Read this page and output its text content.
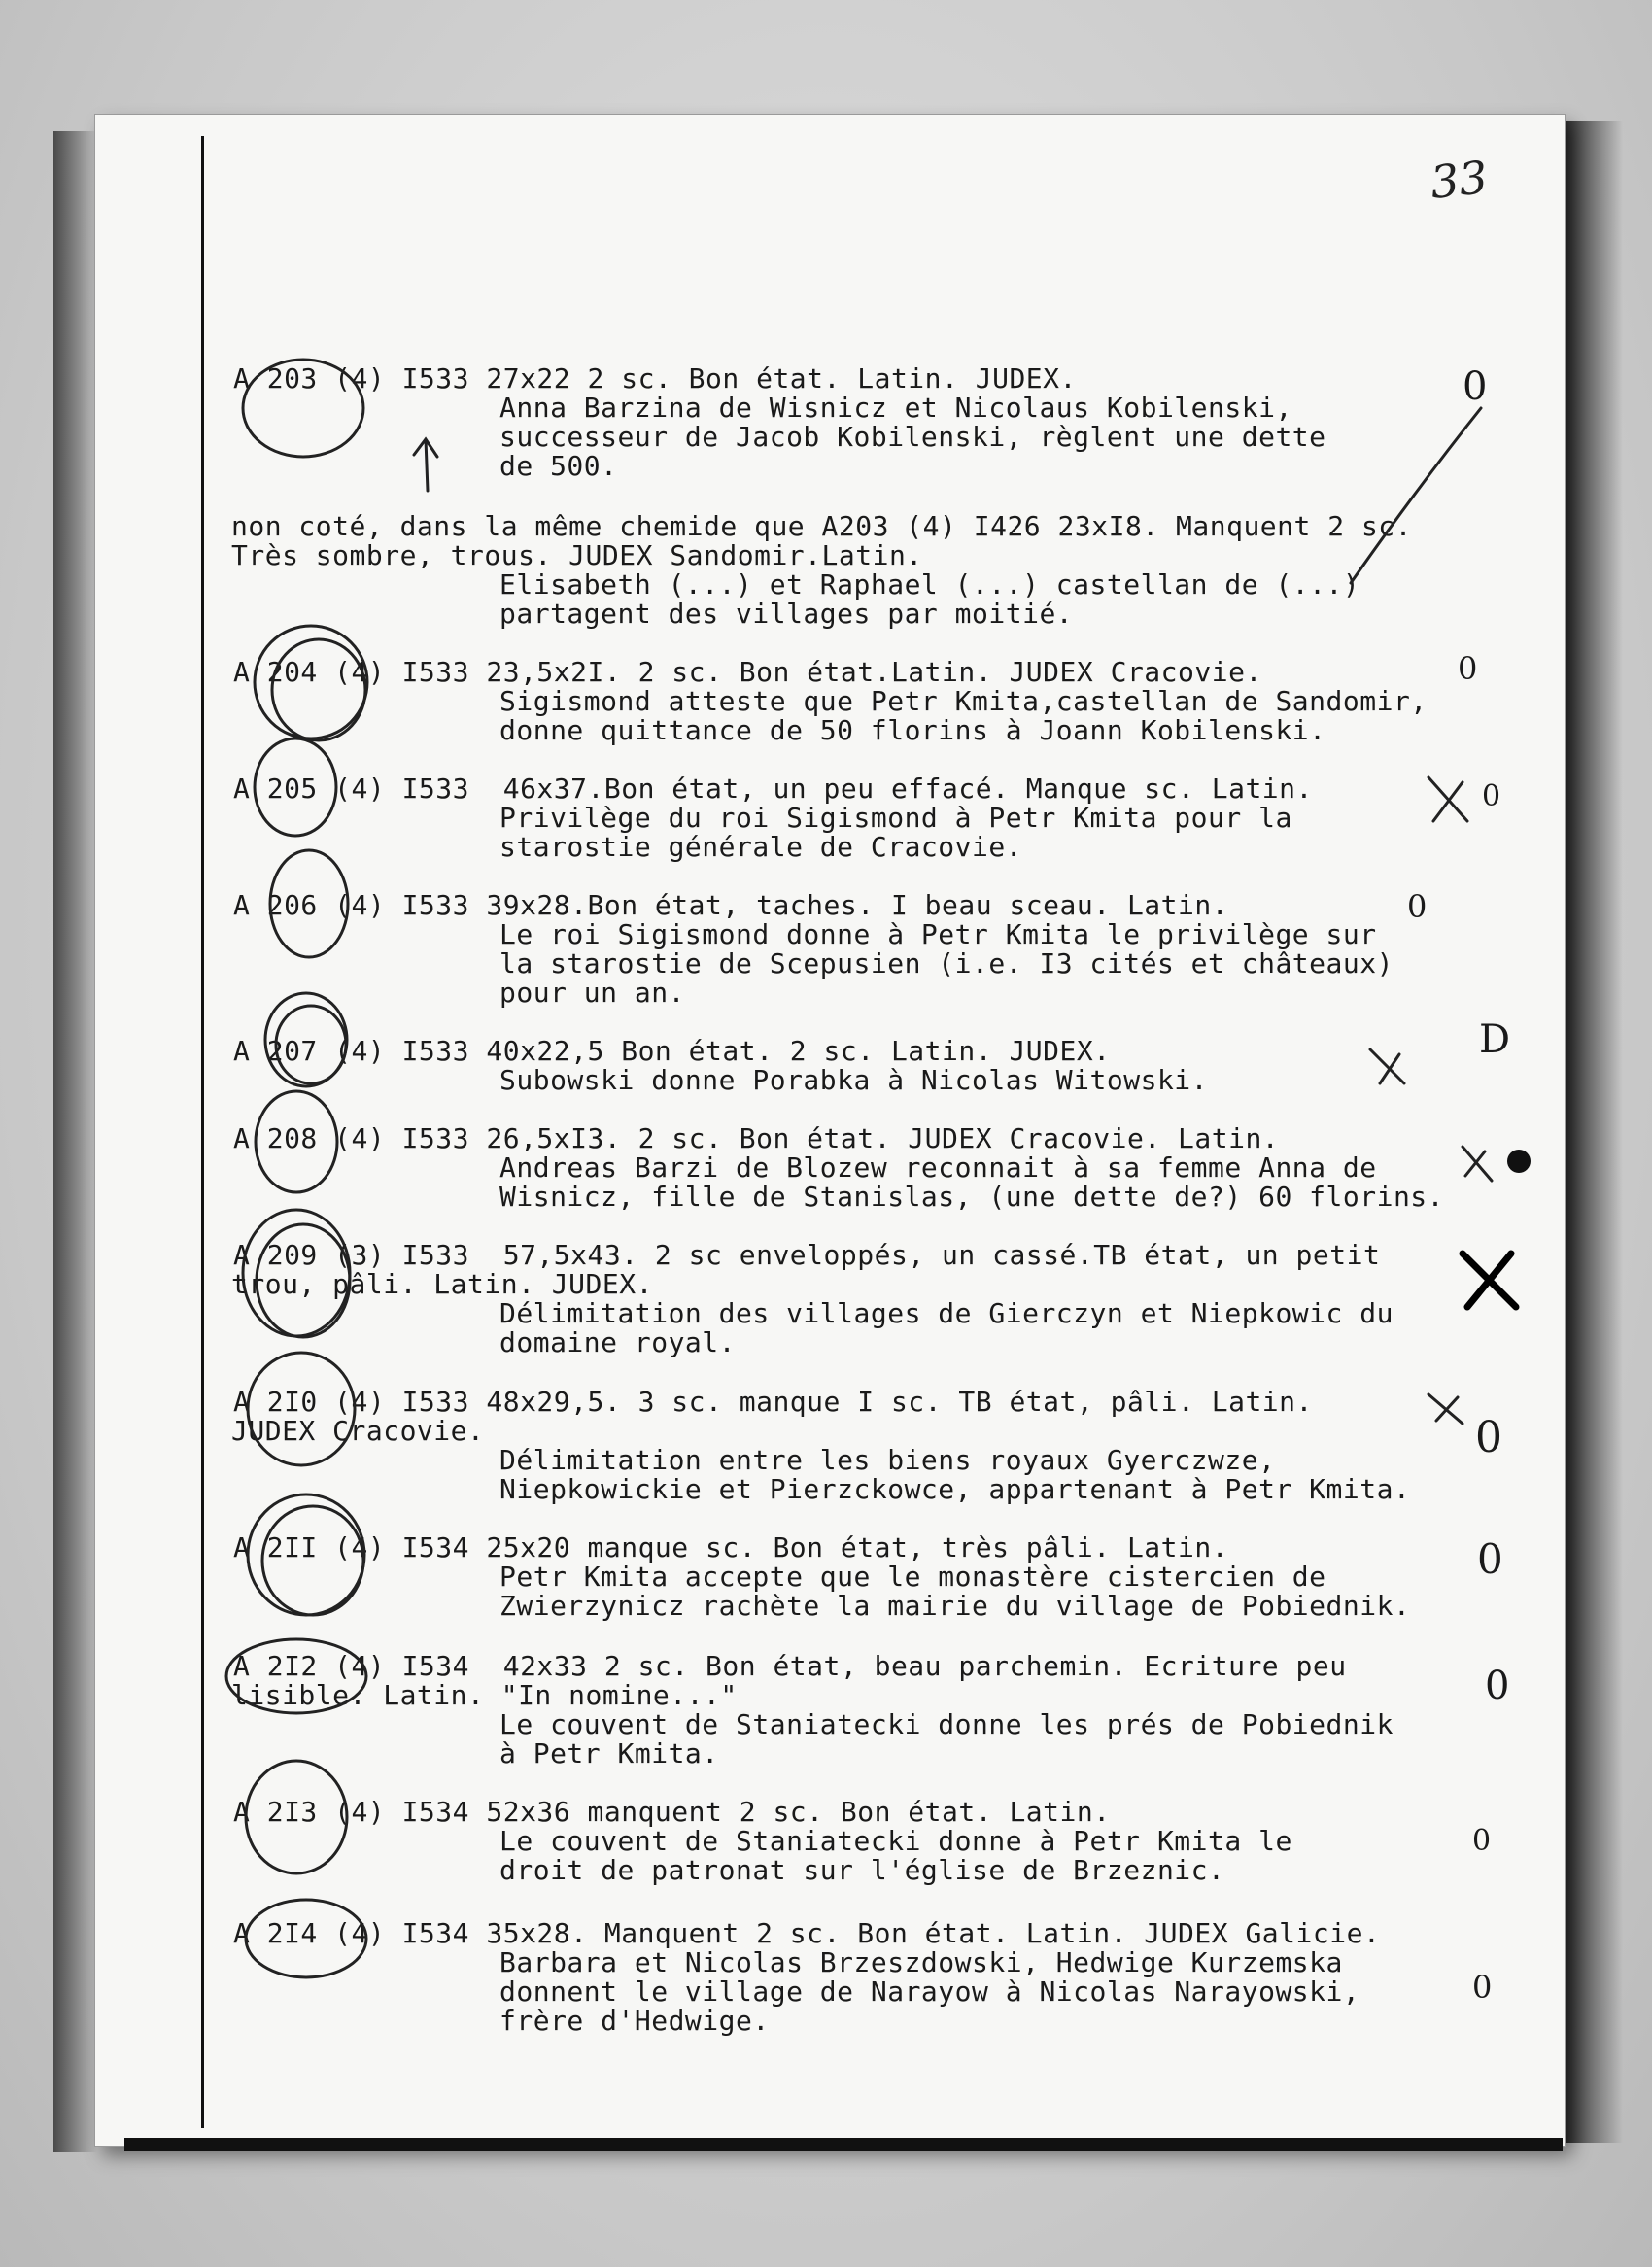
33
A 203 (4) I533 27x22 2 sc. Bon état. Latin. JUDEX.
Anna Barzina de Wisnicz et Nicolaus Kobilenski,
successeur de Jacob Kobilenski, règlent une dette
de 500.
non coté, dans la même chemide que A203 (4) I426 23xI8. Manquent 2 sc.
Très sombre, trous. JUDEX Sandomir.Latin.
Elisabeth (...) et Raphael (...) castellan de (...)
partagent des villages par moitié.
A 204 (4) I533 23,5x2I. 2 sc. Bon état.Latin. JUDEX Cracovie.
Sigismond atteste que Petr Kmita,castellan de Sandomir,
donne quittance de 50 florins à Joann Kobilenski.
A 205 (4) I533  46x37.Bon état, un peu effacé. Manque sc. Latin.
Privilège du roi Sigismond à Petr Kmita pour la
starostie générale de Cracovie.
A 206 (4) I533 39x28.Bon état, taches. I beau sceau. Latin.
Le roi Sigismond donne à Petr Kmita le privilège sur
la starostie de Scepusien (i.e. I3 cités et châteaux)
pour un an.
A 207 (4) I533 40x22,5 Bon état. 2 sc. Latin. JUDEX.
Subowski donne Porabka à Nicolas Witowski.
A 208 (4) I533 26,5xI3. 2 sc. Bon état. JUDEX Cracovie. Latin.
Andreas Barzi de Blozew reconnait à sa femme Anna de
Wisnicz, fille de Stanislas, (une dette de?) 60 florins.
A 209 (3) I533  57,5x43. 2 sc enveloppés, un cassé.TB état, un petit
trou, pâli. Latin. JUDEX.
Délimitation des villages de Gierczyn et Niepkowic du
domaine royal.
A 2I0 (4) I533 48x29,5. 3 sc. manque I sc. TB état, pâli. Latin.
JUDEX Cracovie.
Délimitation entre les biens royaux Gyerczwze,
Niepkowickie et Pierzckowce, appartenant à Petr Kmita.
A 2II (4) I534 25x20 manque sc. Bon état, très pâli. Latin.
Petr Kmita accepte que le monastère cistercien de
Zwierzynicz rachète la mairie du village de Pobiednik.
A 2I2 (4) I534  42x33 2 sc. Bon état, beau parchemin. Ecriture peu
lisible. Latin. "In nomine..."
Le couvent de Staniatecki donne les prés de Pobiednik
à Petr Kmita.
A 2I3 (4) I534 52x36 manquent 2 sc. Bon état. Latin.
Le couvent de Staniatecki donne à Petr Kmita le
droit de patronat sur l'église de Brzeznic.
A 2I4 (4) I534 35x28. Manquent 2 sc. Bon état. Latin. JUDEX Galicie.
Barbara et Nicolas Brzeszdowski, Hedwige Kurzemska
donnent le village de Narayow à Nicolas Narayowski,
frère d'Hedwige.
0
0
0
0
D
0
0
0
0
0
